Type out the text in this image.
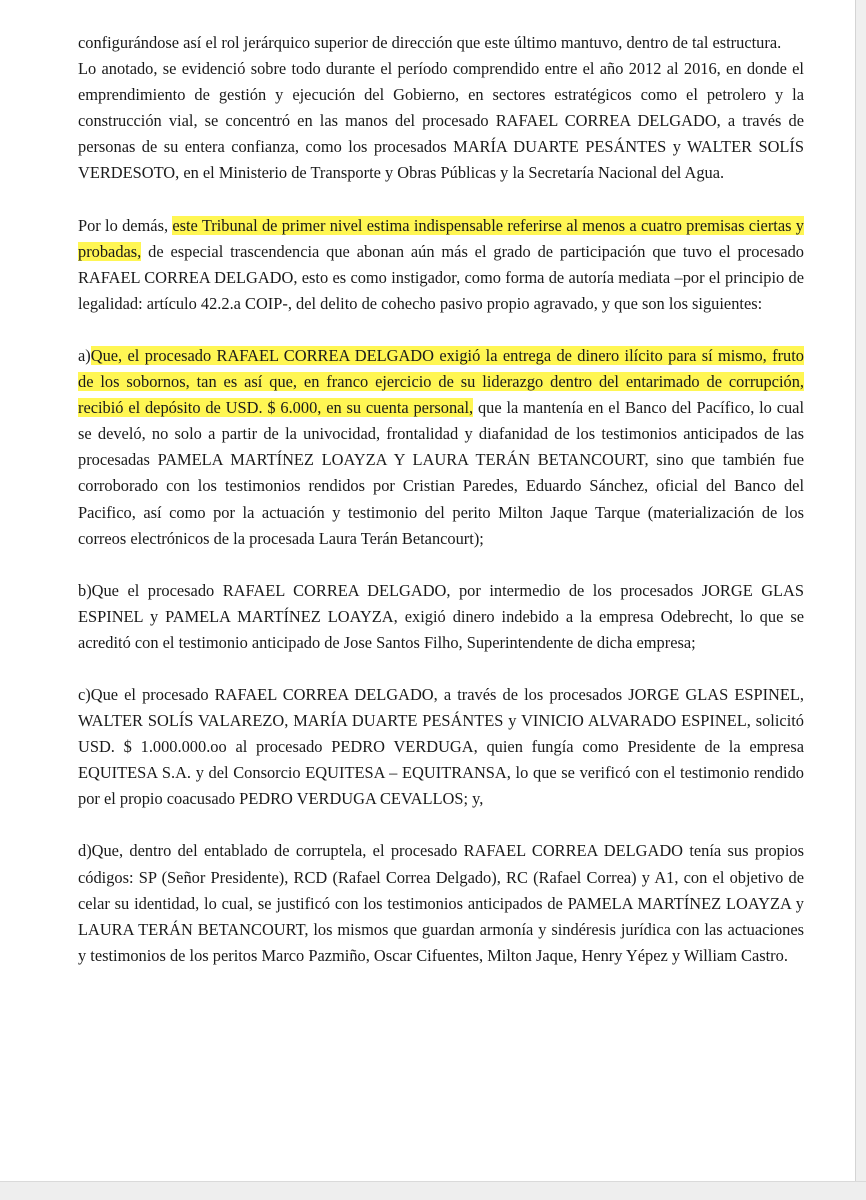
configurándose así el rol jerárquico superior de dirección que este último mantuvo, dentro de tal estructura.

Lo anotado, se evidenció sobre todo durante el período comprendido entre el año 2012 al 2016, en donde el emprendimiento de gestión y ejecución del Gobierno, en sectores estratégicos como el petrolero y la construcción vial, se concentró en las manos del procesado RAFAEL CORREA DELGADO, a través de personas de su entera confianza, como los procesados MARÍA DUARTE PESÁNTES y WALTER SOLÍS VERDESOTO, en el Ministerio de Transporte y Obras Públicas y la Secretaría Nacional del Agua.

Por lo demás, este Tribunal de primer nivel estima indispensable referirse al menos a cuatro premisas ciertas y probadas, de especial trascendencia que abonan aún más el grado de participación que tuvo el procesado RAFAEL CORREA DELGADO, esto es como instigador, como forma de autoría mediata –por el principio de legalidad: artículo 42.2.a COIP-, del delito de cohecho pasivo propio agravado, y que son los siguientes:

a)Que, el procesado RAFAEL CORREA DELGADO exigió la entrega de dinero ilícito para sí mismo, fruto de los sobornos, tan es así que, en franco ejercicio de su liderazgo dentro del entarimado de corrupción, recibió el depósito de USD. $ 6.000, en su cuenta personal, que la mantenía en el Banco del Pacífico, lo cual se develó, no solo a partir de la univocidad, frontalidad y diafanidad de los testimonios anticipados de las procesadas PAMELA MARTÍNEZ LOAYZA Y LAURA TERÁN BETANCOURT, sino que también fue corroborado con los testimonios rendidos por Cristian Paredes, Eduardo Sánchez, oficial del Banco del Pacifico, así como por la actuación y testimonio del perito Milton Jaque Tarque (materialización de los correos electrónicos de la procesada Laura Terán Betancourt);

b)Que el procesado RAFAEL CORREA DELGADO, por intermedio de los procesados JORGE GLAS ESPINEL y PAMELA MARTÍNEZ LOAYZA, exigió dinero indebido a la empresa Odebrecht, lo que se acreditó con el testimonio anticipado de Jose Santos Filho, Superintendente de dicha empresa;

c)Que el procesado RAFAEL CORREA DELGADO, a través de los procesados JORGE GLAS ESPINEL, WALTER SOLÍS VALAREZO, MARÍA DUARTE PESÁNTES y VINICIO ALVARADO ESPINEL, solicitó USD. $ 1.000.000.oo al procesado PEDRO VERDUGA, quien fungía como Presidente de la empresa EQUITESA S.A. y del Consorcio EQUITESA – EQUITRANSA, lo que se verificó con el testimonio rendido por el propio coacusado PEDRO VERDUGA CEVALLOS; y,

d)Que, dentro del entablado de corruptela, el procesado RAFAEL CORREA DELGADO tenía sus propios códigos: SP (Señor Presidente), RCD (Rafael Correa Delgado), RC (Rafael Correa) y A1, con el objetivo de celar su identidad, lo cual, se justificó con los testimonios anticipados de PAMELA MARTÍNEZ LOAYZA y LAURA TERÁN BETANCOURT, los mismos que guardan armonía y sindéresis jurídica con las actuaciones y testimonios de los peritos Marco Pazmiño, Oscar Cifuentes, Milton Jaque, Henry Yépez y William Castro.
